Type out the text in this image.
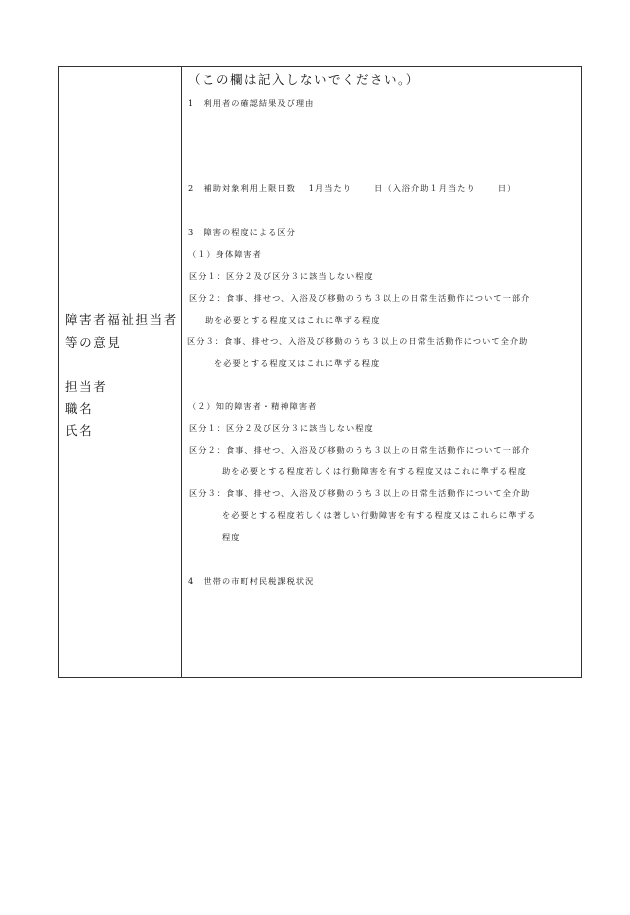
障害者福祉担当者
等の意見
担当者
職名
氏名
（この欄は記入しないでください。）
1　利用者の確認結果及び理由
2　補助対象利用上限日数　 1月当たり　 　日（入浴介助１月当たり　 　日）
3　障害の程度による区分
（１）身体障害者
区分１：区分２及び区分３に該当しない程度
区分２：食事、排せつ、入浴及び移動のうち３以上の日常生活動作について一部介
助を必要とする程度又はこれに準ずる程度
区分３：食事、排せつ、入浴及び移動のうち３以上の日常生活動作について全介助
を必要とする程度又はこれに準ずる程度
（２）知的障害者・精神障害者
区分１：区分２及び区分３に該当しない程度
区分２：食事、排せつ、入浴及び移動のうち３以上の日常生活動作について一部介
助を必要とする程度若しくは行動障害を有する程度又はこれに準ずる程度
区分３：食事、排せつ、入浴及び移動のうち３以上の日常生活動作について全介助
を必要とする程度若しくは著しい行動障害を有する程度又はこれらに準ずる
程度
4　世帯の市町村民税課税状況
